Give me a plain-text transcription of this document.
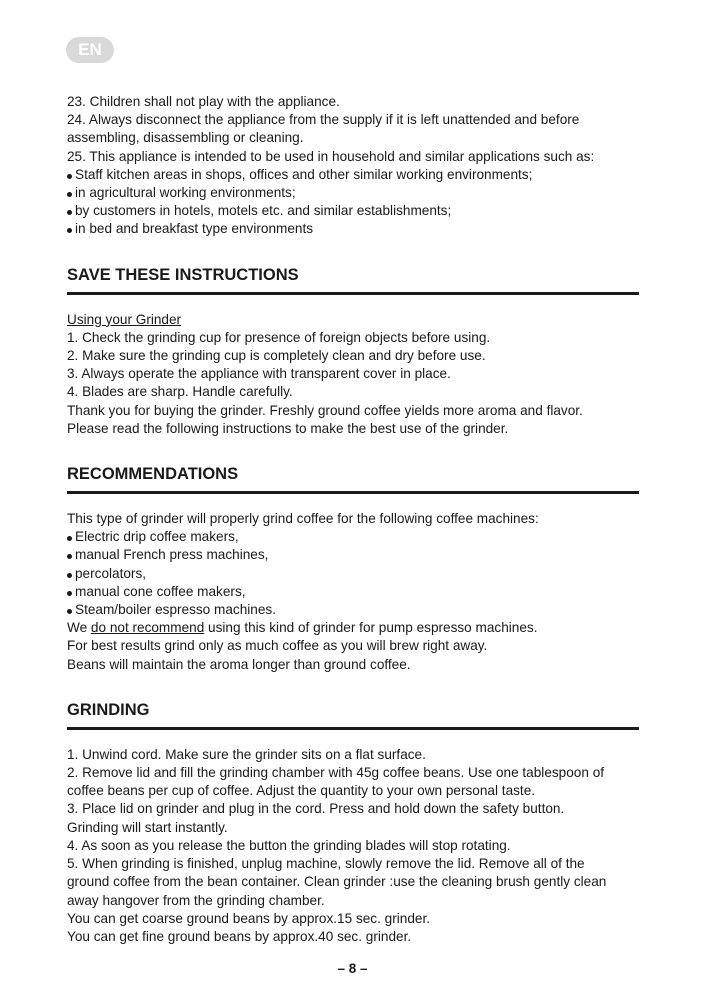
EN
23. Children shall not play with the appliance.
24. Always disconnect the appliance from the supply if it is left unattended and before
assembling, disassembling or cleaning.
25. This appliance is intended to be used in household and similar applications such as:
Staff kitchen areas in shops, offices and other similar working environments;
in agricultural working environments;
by customers in hotels, motels etc. and similar establishments;
in bed and breakfast type environments
SAVE THESE INSTRUCTIONS
Using your Grinder
1. Check the grinding cup for presence of foreign objects before using.
2. Make sure the grinding cup is completely clean and dry before use.
3. Always operate the appliance with transparent cover in place.
4. Blades are sharp. Handle carefully.
Thank you for buying the grinder. Freshly ground coffee yields more aroma and flavor.
Please read the following instructions to make the best use of the grinder.
RECOMMENDATIONS
This type of grinder will properly grind coffee for the following coffee machines:
Electric drip coffee makers,
manual French press machines,
percolators,
manual cone coffee makers,
Steam/boiler espresso machines.
We do not recommend using this kind of grinder for pump espresso machines.
For best results grind only as much coffee as you will brew right away.
Beans will maintain the aroma longer than ground coffee.
GRINDING
1. Unwind cord. Make sure the grinder sits on a flat surface.
2. Remove lid and fill the grinding chamber with 45g coffee beans. Use one tablespoon of
coffee beans per cup of coffee. Adjust the quantity to your own personal taste.
3. Place lid on grinder and plug in the cord. Press and hold down the safety button.
Grinding will start instantly.
4. As soon as you release the button the grinding blades will stop rotating.
5. When grinding is finished, unplug machine, slowly remove the lid. Remove all of the
ground coffee from the bean container. Clean grinder :use the cleaning brush gently clean
away hangover from the grinding chamber.
You can get coarse ground beans by approx.15 sec. grinder.
You can get fine ground beans by approx.40 sec. grinder.
– 8 –
